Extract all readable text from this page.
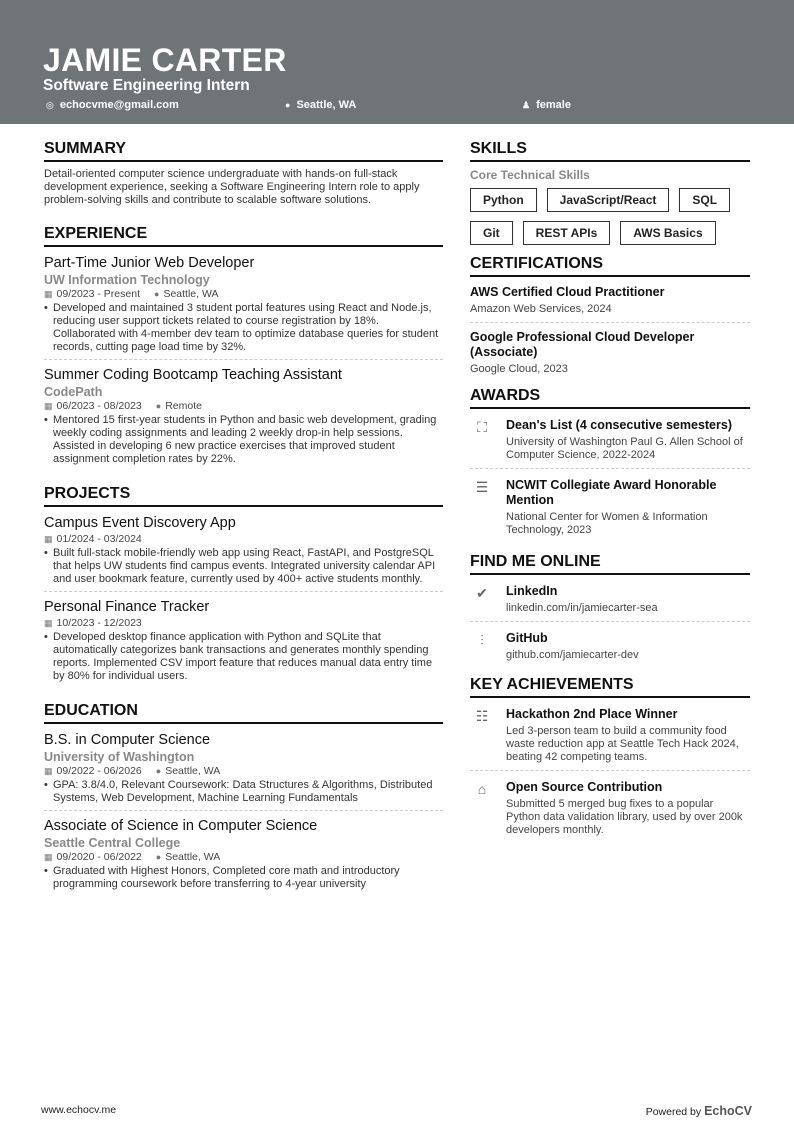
JAMIE CARTER
Software Engineering Intern
◎ echocvme@gmail.com	● Seattle, WA	♟ female
SUMMARY
Detail-oriented computer science undergraduate with hands-on full-stack development experience, seeking a Software Engineering Intern role to apply problem-solving skills and contribute to scalable software solutions.
EXPERIENCE
Part-Time Junior Web Developer
UW Information Technology
▦ 09/2023 - Present ● Seattle, WA
• Developed and maintained 3 student portal features using React and Node.js, reducing user support tickets related to course registration by 18%. Collaborated with 4-member dev team to optimize database queries for student records, cutting page load time by 32%.
Summer Coding Bootcamp Teaching Assistant
CodePath
▦ 06/2023 - 08/2023 ● Remote
• Mentored 15 first-year students in Python and basic web development, grading weekly coding assignments and leading 2 weekly drop-in help sessions. Assisted in developing 6 new practice exercises that improved student assignment completion rates by 22%.
PROJECTS
Campus Event Discovery App
▦ 01/2024 - 03/2024
• Built full-stack mobile-friendly web app using React, FastAPI, and PostgreSQL that helps UW students find campus events. Integrated university calendar API and user bookmark feature, currently used by 400+ active students monthly.
Personal Finance Tracker
▦ 10/2023 - 12/2023
• Developed desktop finance application with Python and SQLite that automatically categorizes bank transactions and generates monthly spending reports. Implemented CSV import feature that reduces manual data entry time by 80% for individual users.
EDUCATION
B.S. in Computer Science
University of Washington
▦ 09/2022 - 06/2026 ● Seattle, WA
• GPA: 3.8/4.0, Relevant Coursework: Data Structures & Algorithms, Distributed Systems, Web Development, Machine Learning Fundamentals
Associate of Science in Computer Science
Seattle Central College
▦ 09/2020 - 06/2022 ● Seattle, WA
• Graduated with Highest Honors, Completed core math and introductory programming coursework before transferring to 4-year university
SKILLS
Core Technical Skills
Python	JavaScript/React	SQL
Git	REST APIs	AWS Basics
CERTIFICATIONS
AWS Certified Cloud Practitioner
Amazon Web Services, 2024
Google Professional Cloud Developer (Associate)
Google Cloud, 2023
AWARDS
⛶	Dean's List (4 consecutive semesters)
University of Washington Paul G. Allen School of Computer Science, 2022-2024
☰	NCWIT Collegiate Award Honorable Mention
National Center for Women & Information Technology, 2023
FIND ME ONLINE
✔	LinkedIn
linkedin.com/in/jamiecarter-sea
⫶	GitHub
github.com/jamiecarter-dev
KEY ACHIEVEMENTS
☷	Hackathon 2nd Place Winner
Led 3-person team to build a community food waste reduction app at Seattle Tech Hack 2024, beating 42 competing teams.
⌂	Open Source Contribution
Submitted 5 merged bug fixes to a popular Python data validation library, used by over 200k developers monthly.
www.echocv.me	Powered by EchoCV
